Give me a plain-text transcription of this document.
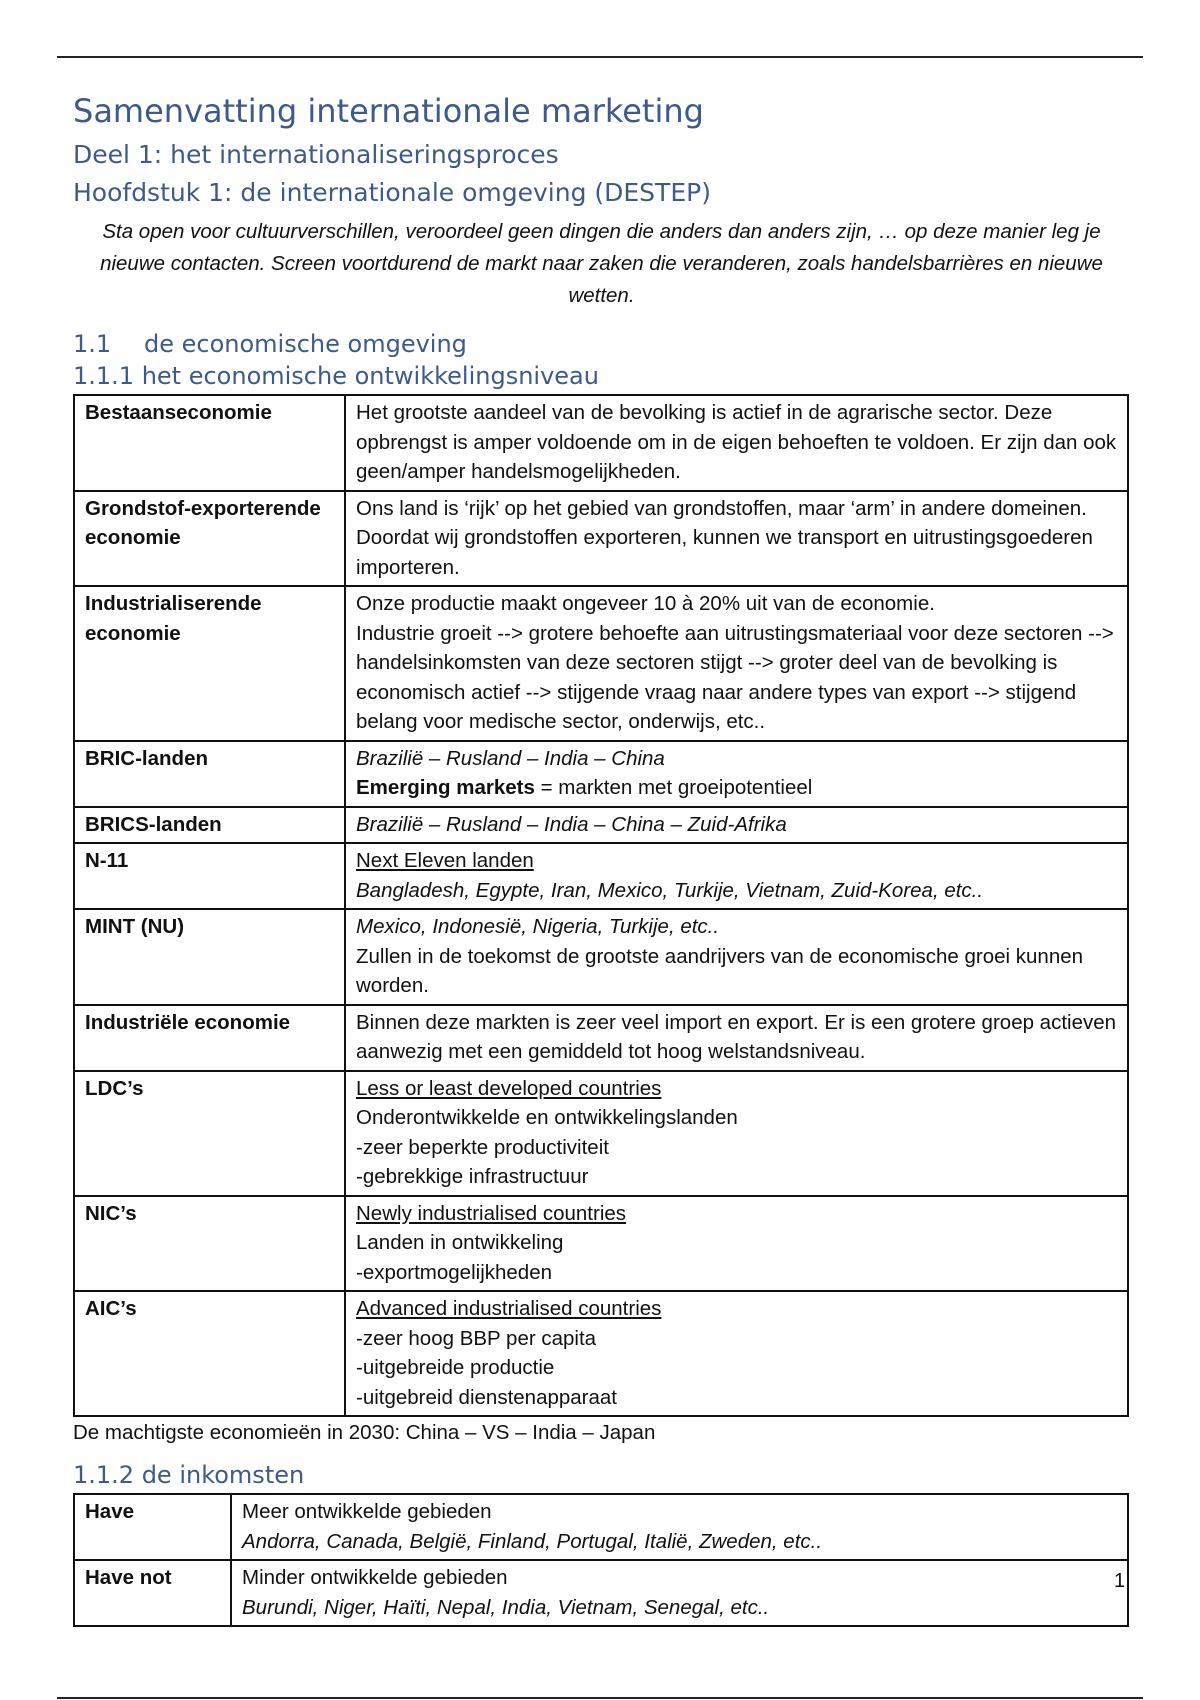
Samenvatting internationale marketing
Deel 1: het internationaliseringsproces
Hoofdstuk 1: de internationale omgeving (DESTEP)

Sta open voor cultuurverschillen, veroordeel geen dingen die anders dan anders zijn, … op deze manier leg je nieuwe contacten. Screen voortdurend de markt naar zaken die veranderen, zoals handelsbarrières en nieuwe wetten.

1.1 de economische omgeving
1.1.1 het economische ontwikkelingsniveau
Bestaanseconomie	Het grootste aandeel van de bevolking is actief in de agrarische sector. Deze opbrengst is amper voldoende om in de eigen behoeften te voldoen. Er zijn dan ook geen/amper handelsmogelijkheden.
Grondstof-exporterende economie	Ons land is ‘rijk’ op het gebied van grondstoffen, maar ‘arm’ in andere domeinen. Doordat wij grondstoffen exporteren, kunnen we transport en uitrustingsgoederen importeren.
Industrialiserende economie	Onze productie maakt ongeveer 10 à 20% uit van de economie.
Industrie groeit --> grotere behoefte aan uitrustingsmateriaal voor deze sectoren --> handelsinkomsten van deze sectoren stijgt --> groter deel van de bevolking is economisch actief --> stijgende vraag naar andere types van export --> stijgend belang voor medische sector, onderwijs, etc..

BRIC-landen	Brazilië – Rusland – India – China
Emerging markets = markten met groeipotentieel

BRICS-landen	Brazilië – Rusland – India – China – Zuid-Afrika

N-11	Next Eleven landen
Bangladesh, Egypte, Iran, Mexico, Turkije, Vietnam, Zuid-Korea, etc..

MINT (NU)	Mexico, Indonesië, Nigeria, Turkije, etc..
Zullen in de toekomst de grootste aandrijvers van de economische groei kunnen worden.

Industriële economie	Binnen deze markten is zeer veel import en export. Er is een grotere groep actieven aanwezig met een gemiddeld tot hoog welstandsniveau.
LDC’s	Less or least developed countries
Onderontwikkelde en ontwikkelingslanden
-zeer beperkte productiviteit
-gebrekkige infrastructuur

NIC’s	Newly industrialised countries
Landen in ontwikkeling
-exportmogelijkheden

AIC’s	Advanced industrialised countries
-zeer hoog BBP per capita
-uitgebreide productie
-uitgebreid dienstenapparaat

De machtigste economieën in 2030: China – VS – India – Japan

1.1.2 de inkomsten
Have	Meer ontwikkelde gebieden
Andorra, Canada, België, Finland, Portugal, Italië, Zweden, etc..

Have not	Minder ontwikkelde gebieden
Burundi, Niger, Haïti, Nepal, India, Vietnam, Senegal, etc..
1
